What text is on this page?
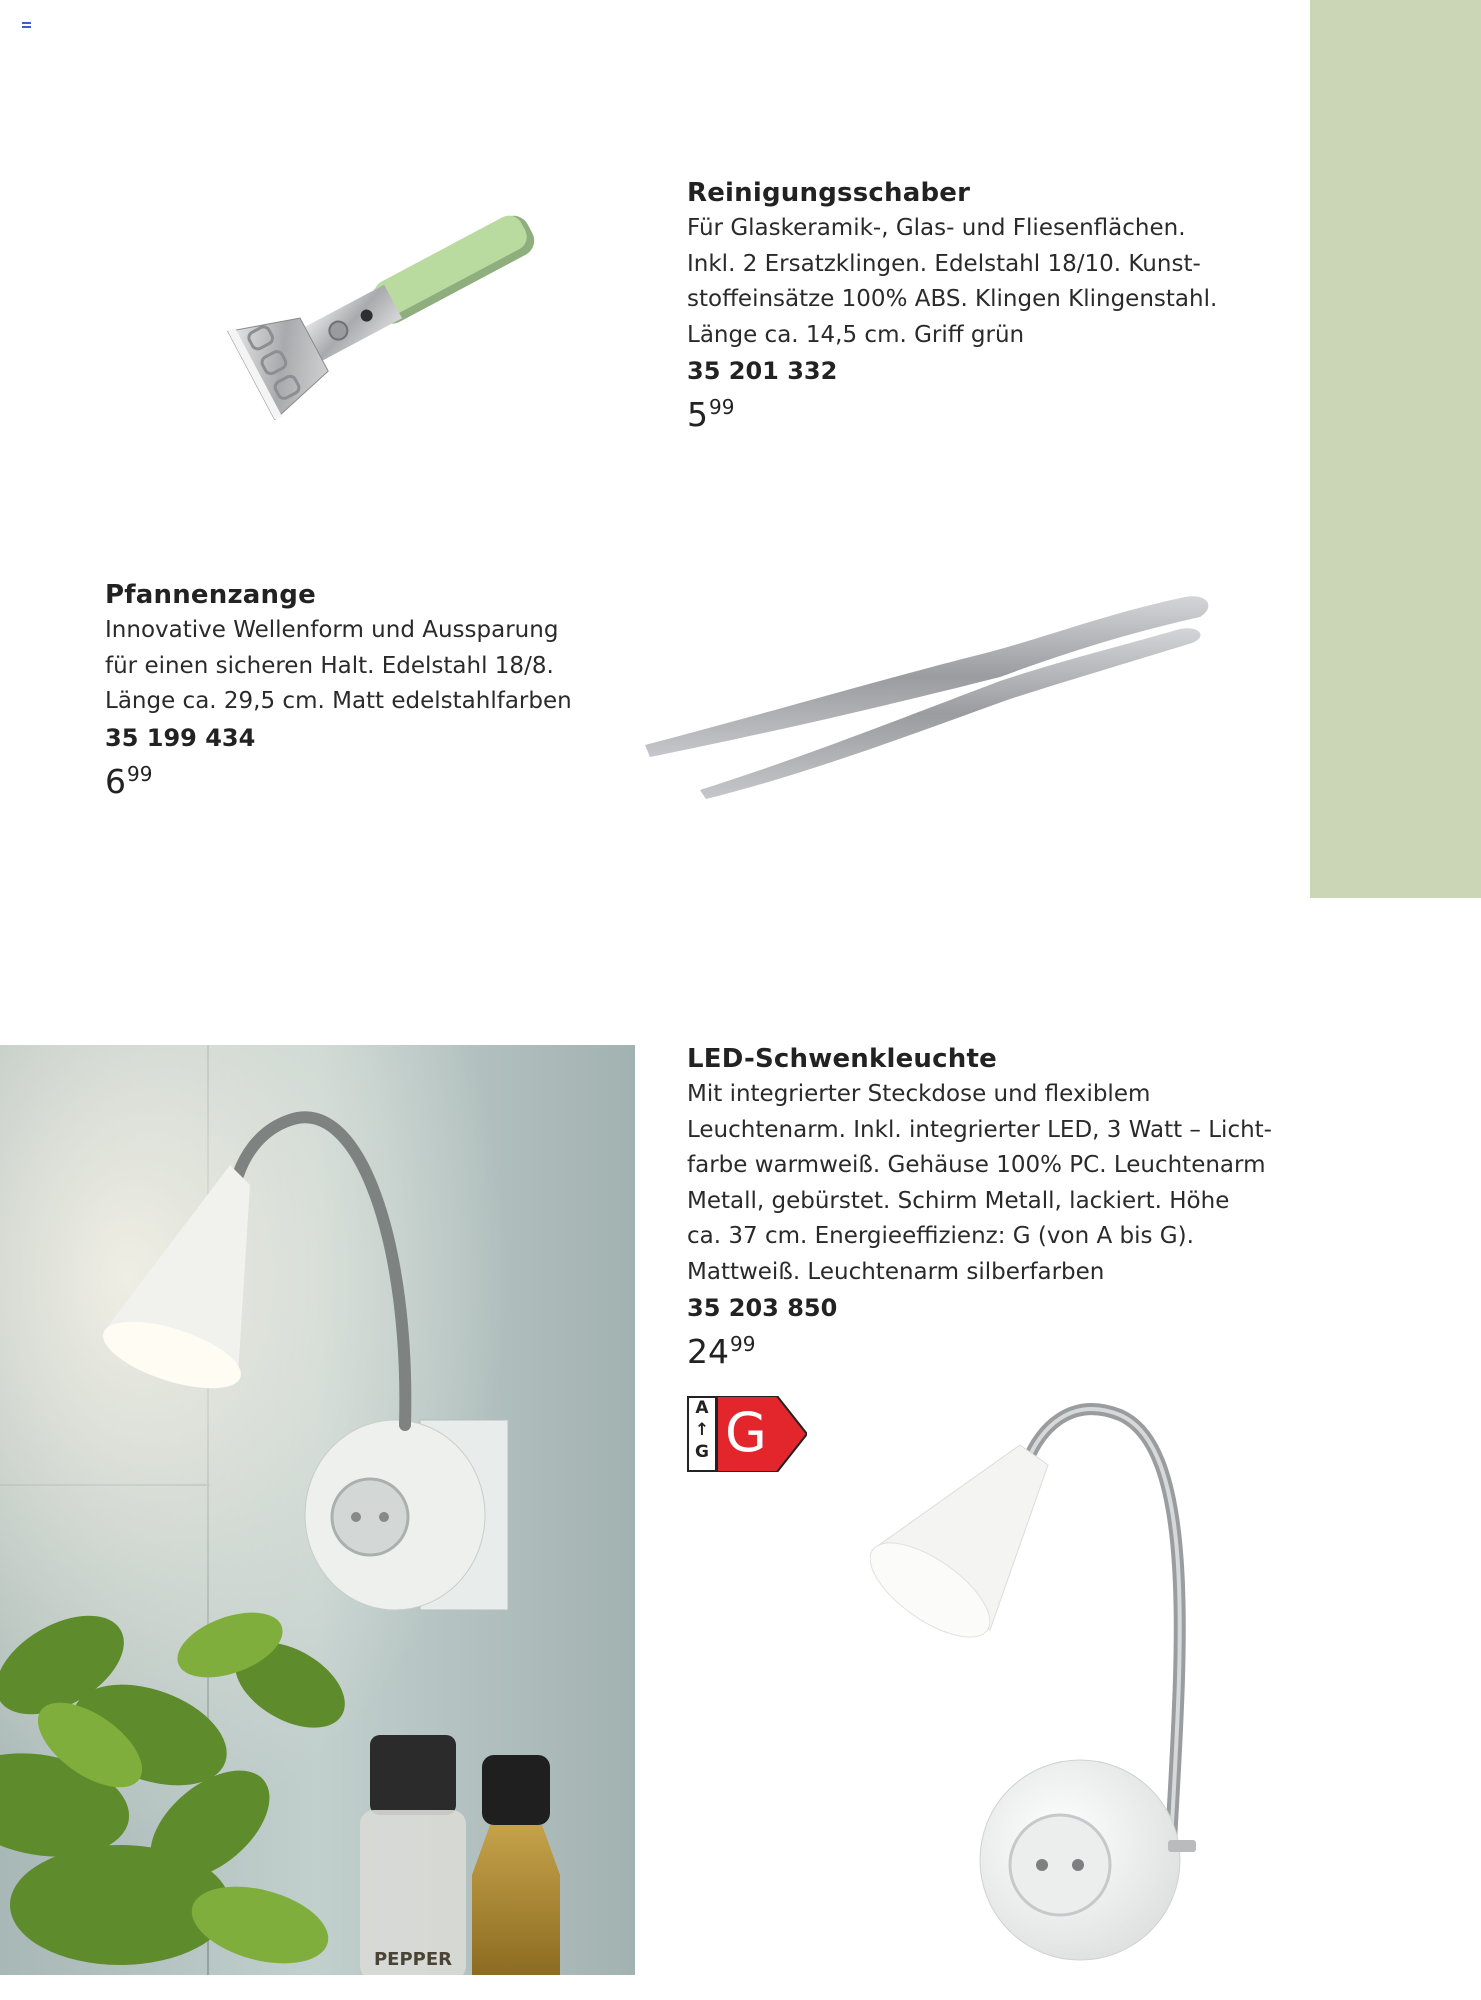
Reinigungsschaber
Für Glaskeramik-, Glas- und Fliesenflächen.
Inkl. 2 Ersatzklingen. Edelstahl 18/10. Kunst-
stoffeinsätze 100% ABS. Klingen Klingenstahl.
Länge ca. 14,5 cm. Griff grün
35 201 332
$5^{99}$
Pfannenzange
Innovative Wellenform und Aussparung
für einen sicheren Halt. Edelstahl 18/8.
Länge ca. 29,5 cm. Matt edelstahlfarben
35 199 434
$6^{99}$
PEPPER
LED-Schwenkleuchte
Mit integrierter Steckdose und flexiblem
Leuchtenarm. Inkl. integrierter LED, 3 Watt – Licht-
farbe warmweiß. Gehäuse 100% PC. Leuchtenarm
Metall, gebürstet. Schirm Metall, lackiert. Höhe
ca. 37 cm. Energieeffizienz: G (von A bis G).
Mattweiß. Leuchtenarm silberfarben
35 203 850
$24^{99}$
A
↑
G G
